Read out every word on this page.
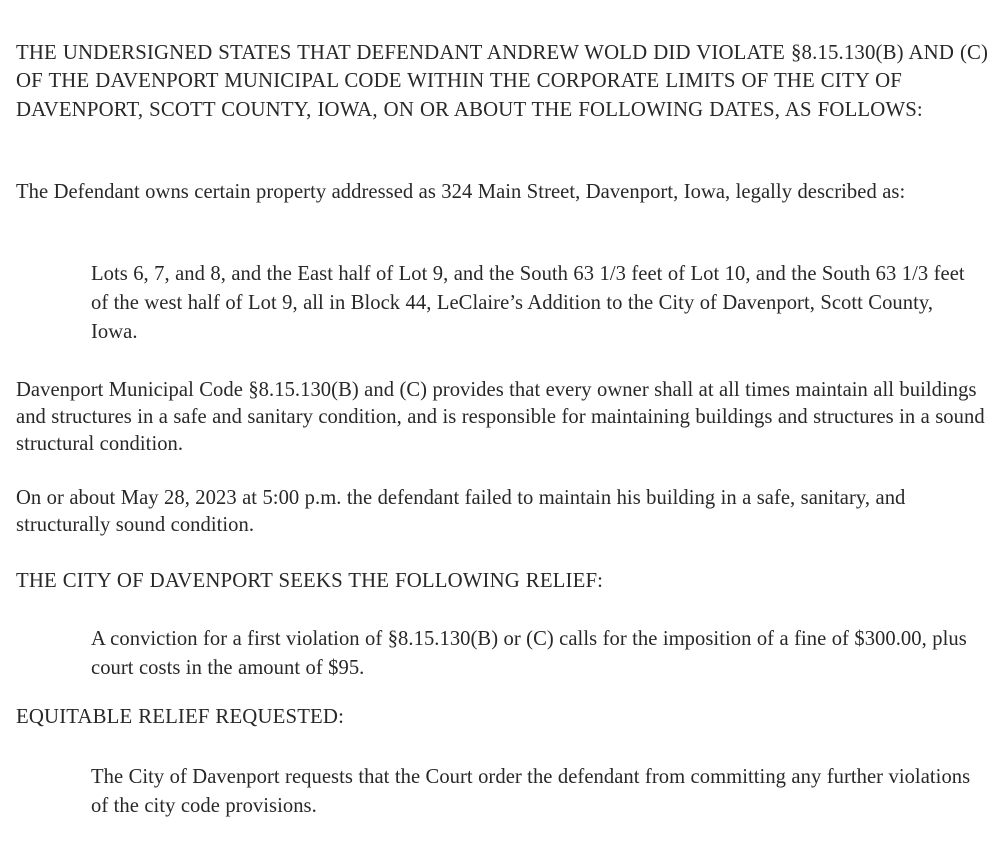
THE UNDERSIGNED STATES THAT DEFENDANT ANDREW WOLD DID VIOLATE §8.15.130(B) AND (C) OF THE DAVENPORT MUNICIPAL CODE WITHIN THE CORPORATE LIMITS OF THE CITY OF DAVENPORT, SCOTT COUNTY, IOWA, ON OR ABOUT THE FOLLOWING DATES, AS FOLLOWS:

The Defendant owns certain property addressed as 324 Main Street, Davenport, Iowa, legally described as:

Lots 6, 7, and 8, and the East half of Lot 9, and the South 63 1/3 feet of Lot 10, and the South 63 1/3 feet of the west half of Lot 9, all in Block 44, LeClaire’s Addition to the City of Davenport, Scott County, Iowa.

Davenport Municipal Code §8.15.130(B) and (C) provides that every owner shall at all times maintain all buildings and structures in a safe and sanitary condition, and is responsible for maintaining buildings and structures in a sound structural condition.

On or about May 28, 2023 at 5:00 p.m. the defendant failed to maintain his building in a safe, sanitary, and structurally sound condition.

THE CITY OF DAVENPORT SEEKS THE FOLLOWING RELIEF:

A conviction for a first violation of §8.15.130(B) or (C) calls for the imposition of a fine of $300.00, plus court costs in the amount of $95.

EQUITABLE RELIEF REQUESTED:

The City of Davenport requests that the Court order the defendant from committing any further violations of the city code provisions.
